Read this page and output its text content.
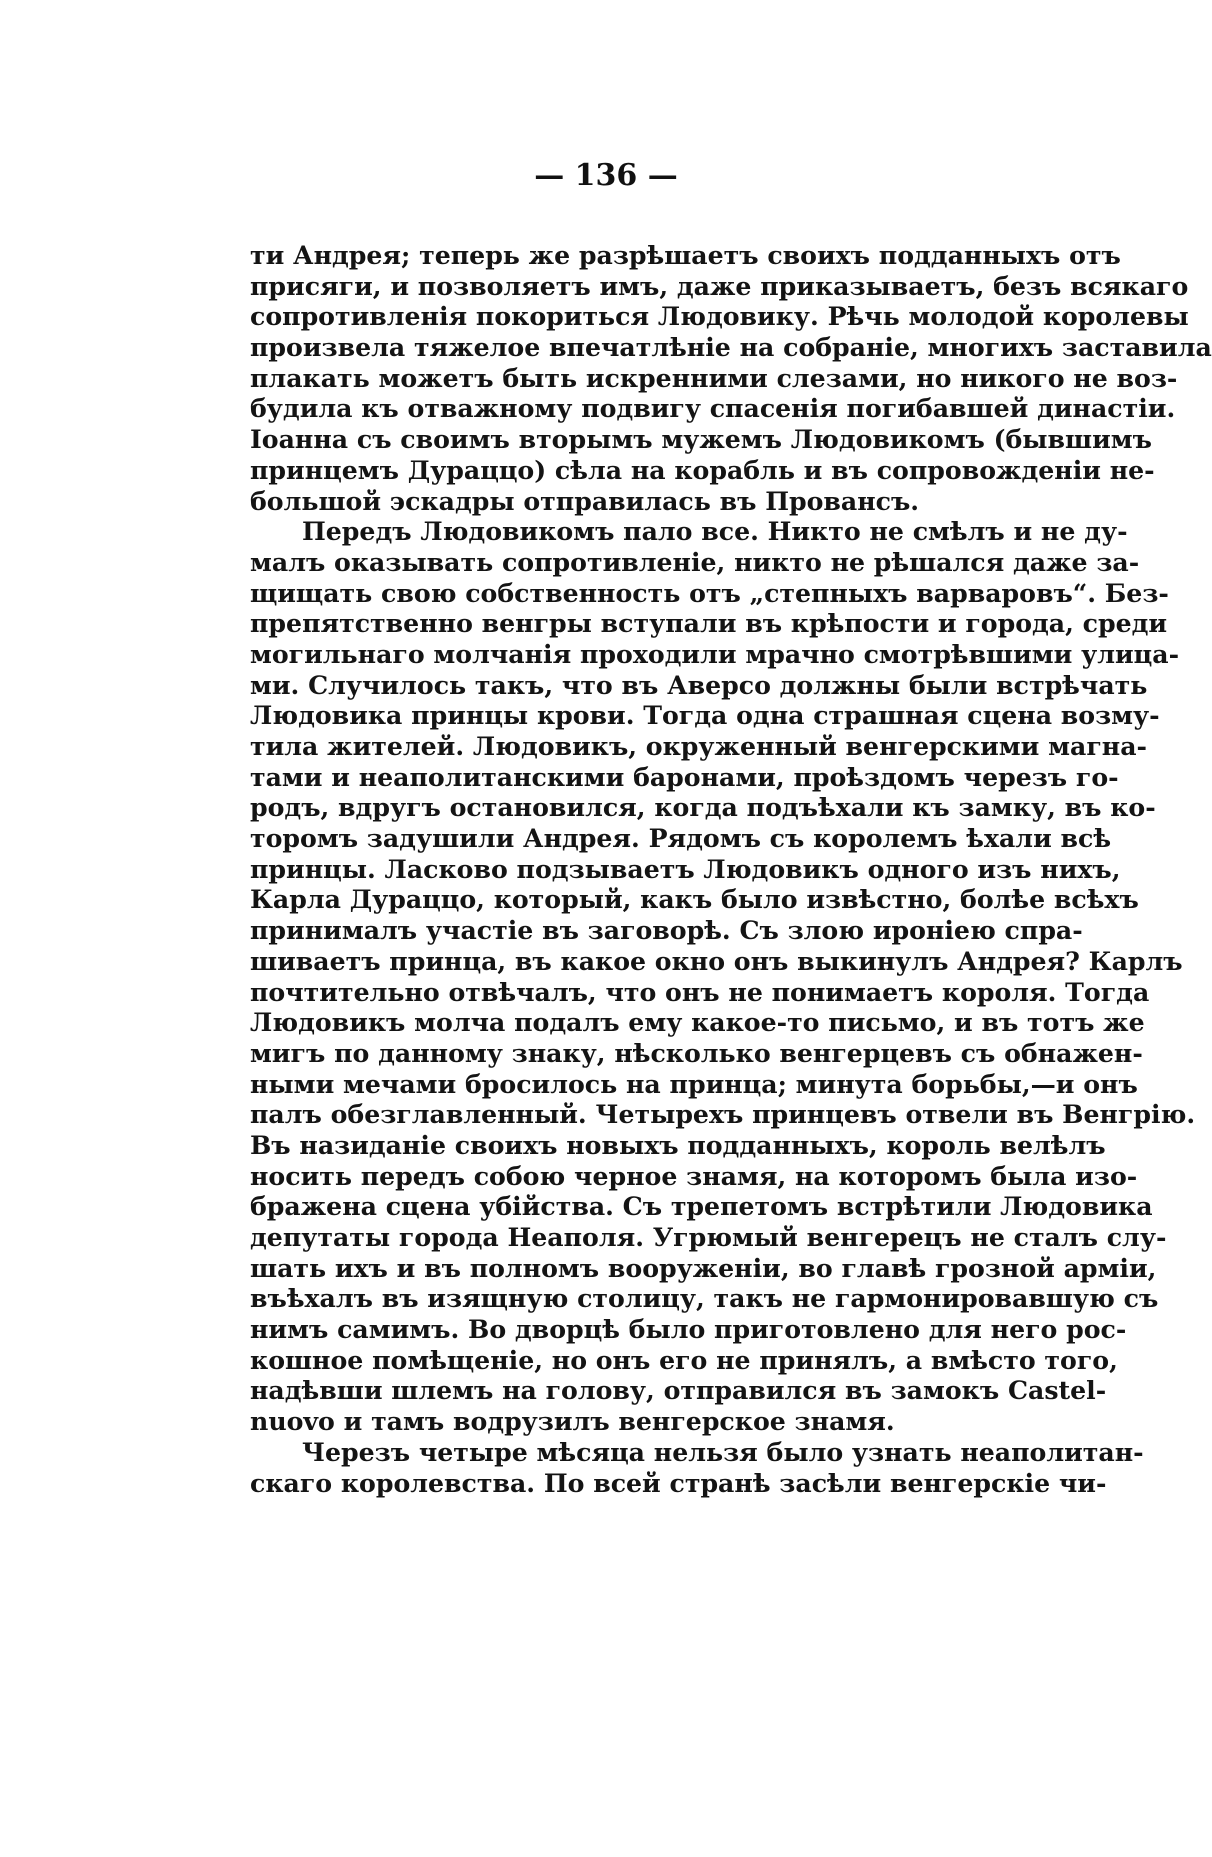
— 136 —
ти Андрея; теперь же разрѣшаетъ своихъ подданныхъ отъ
присяги, и позволяетъ имъ, даже приказываетъ, безъ всякаго
сопротивленія покориться Людовику. Рѣчь молодой королевы
произвела тяжелое впечатлѣніе на собраніе, многихъ заставила
плакать можетъ быть искренними слезами, но никого не воз-
будила къ отважному подвигу спасенія погибавшей династіи.
Іоанна съ своимъ вторымъ мужемъ Людовикомъ (бывшимъ
принцемъ Дураццо) сѣла на корабль и въ сопровожденіи не-
большой эскадры отправилась въ Провансъ.
Передъ Людовикомъ пало все. Никто не смѣлъ и не ду-
малъ оказывать сопротивленіе, никто не рѣшался даже за-
щищать свою собственность отъ „степныхъ варваровъ“. Без-
препятственно венгры вступали въ крѣпости и города, среди
могильнаго молчанія проходили мрачно смотрѣвшими улица-
ми. Случилось такъ, что въ Аверсо должны были встрѣчать
Людовика принцы крови. Тогда одна страшная сцена возму-
тила жителей. Людовикъ, окруженный венгерскими магна-
тами и неаполитанскими баронами, проѣздомъ черезъ го-
родъ, вдругъ остановился, когда подъѣхали къ замку, въ ко-
торомъ задушили Андрея. Рядомъ съ королемъ ѣхали всѣ
принцы. Ласково подзываетъ Людовикъ одного изъ нихъ,
Карла Дураццо, который, какъ было извѣстно, болѣе всѣхъ
принималъ участіе въ заговорѣ. Съ злою ироніею спра-
шиваетъ принца, въ какое окно онъ выкинулъ Андрея? Карлъ
почтительно отвѣчалъ, что онъ не понимаетъ короля. Тогда
Людовикъ молча подалъ ему какое-то письмо, и въ тотъ же
мигъ по данному знаку, нѣсколько венгерцевъ съ обнажен-
ными мечами бросилось на принца; минута борьбы,—и онъ
палъ обезглавленный. Четырехъ принцевъ отвели въ Венгрію.
Въ назиданіе своихъ новыхъ подданныхъ, король велѣлъ
носить передъ собою черное знамя, на которомъ была изо-
бражена сцена убійства. Съ трепетомъ встрѣтили Людовика
депутаты города Неаполя. Угрюмый венгерецъ не сталъ слу-
шать ихъ и въ полномъ вооруженіи, во главѣ грозной арміи,
въѣхалъ въ изящную столицу, такъ не гармонировавшую съ
нимъ самимъ. Во дворцѣ было приготовлено для него рос-
кошное помѣщеніе, но онъ его не принялъ, а вмѣсто того,
надѣвши шлемъ на голову, отправился въ замокъ Castel-
nuovo и тамъ водрузилъ венгерское знамя.
Черезъ четыре мѣсяца нельзя было узнать неаполитан-
скаго королевства. По всей странѣ засѣли венгерскіе чи-
